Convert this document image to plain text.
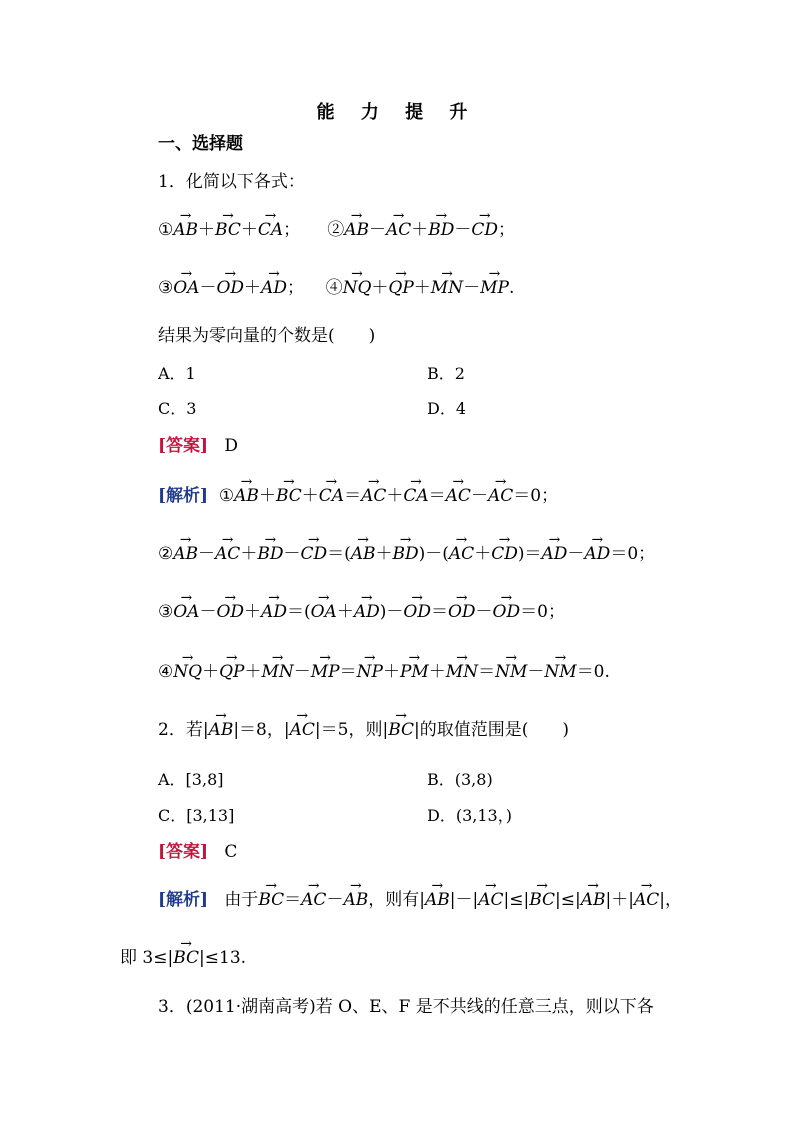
能 力 提 升
一、选择题
1．化简以下各式：
①→ AB＋→ BC＋→ CA；     ②→ AB－→ AC＋→ BD－→ CD；
③→ OA－→ OD＋→ AD；    ④→ NQ＋→ QP＋→ MN－→ MP.
结果为零向量的个数是(　　)
A．1	B．2
C．3	D．4
[答案] D
[解析]  ①→ AB＋→ BC＋→ CA＝→ AC＋→ CA＝→ AC－→ AC＝0；
②→ AB－→ AC＋→ BD－→ CD＝(→ AB＋→ BD)－(→ AC＋→ CD)＝→ AD－→ AD＝0；
③→ OA－→ OD＋→ AD＝(→ OA＋→ AD)－→ OD＝→ OD－→ OD＝0；
④→ NQ＋→ QP＋→ MN－→ MP＝→ NP＋→ PM＋→ MN＝→ NM－→ NM＝0.
2．若|→ AB|＝8，|→ AC|＝5，则|→ BC|的取值范围是(　　)
A．[3,8]	B．(3,8)
C．[3,13]	D．(3,13，)
[答案] C
[解析] 由于→ BC＝→ AC－→ AB，则有|→ AB|－|→ AC|≤|→ BC|≤|→ AB|＋|→ AC|，
即 3≤|→ BC|≤13.
3．(2011·湖南高考)若 O、E、F 是不共线的任意三点，则以下各
